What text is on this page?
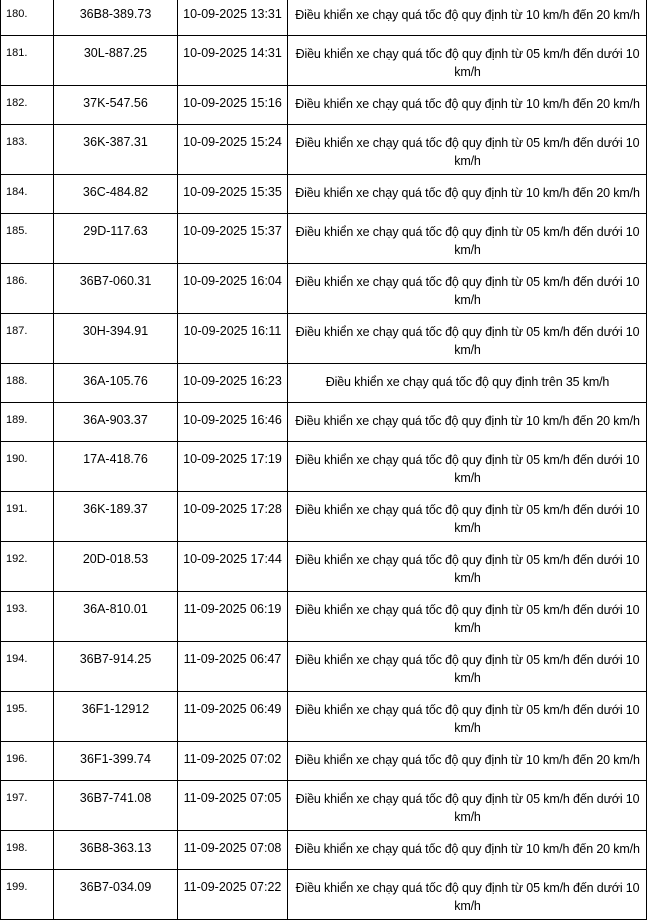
180.	36B8-389.73	10-09-2025 13:31	Điều khiển xe chạy quá tốc độ quy định từ 10 km/h đến 20 km/h
181.	30L-887.25	10-09-2025 14:31	Điều khiển xe chạy quá tốc độ quy định từ 05 km/h đến dưới 10 km/h
182.	37K-547.56	10-09-2025 15:16	Điều khiển xe chạy quá tốc độ quy định từ 10 km/h đến 20 km/h
183.	36K-387.31	10-09-2025 15:24	Điều khiển xe chạy quá tốc độ quy định từ 05 km/h đến dưới 10 km/h
184.	36C-484.82	10-09-2025 15:35	Điều khiển xe chạy quá tốc độ quy định từ 10 km/h đến 20 km/h
185.	29D-117.63	10-09-2025 15:37	Điều khiển xe chạy quá tốc độ quy định từ 05 km/h đến dưới 10 km/h
186.	36B7-060.31	10-09-2025 16:04	Điều khiển xe chạy quá tốc độ quy định từ 05 km/h đến dưới 10 km/h
187.	30H-394.91	10-09-2025 16:11	Điều khiển xe chạy quá tốc độ quy định từ 05 km/h đến dưới 10 km/h
188.	36A-105.76	10-09-2025 16:23	Điều khiển xe chạy quá tốc độ quy định trên 35 km/h
189.	36A-903.37	10-09-2025 16:46	Điều khiển xe chạy quá tốc độ quy định từ 10 km/h đến 20 km/h
190.	17A-418.76	10-09-2025 17:19	Điều khiển xe chạy quá tốc độ quy định từ 05 km/h đến dưới 10 km/h
191.	36K-189.37	10-09-2025 17:28	Điều khiển xe chạy quá tốc độ quy định từ 05 km/h đến dưới 10 km/h
192.	20D-018.53	10-09-2025 17:44	Điều khiển xe chạy quá tốc độ quy định từ 05 km/h đến dưới 10 km/h
193.	36A-810.01	11-09-2025 06:19	Điều khiển xe chạy quá tốc độ quy định từ 05 km/h đến dưới 10 km/h
194.	36B7-914.25	11-09-2025 06:47	Điều khiển xe chạy quá tốc độ quy định từ 05 km/h đến dưới 10 km/h
195.	36F1-12912	11-09-2025 06:49	Điều khiển xe chạy quá tốc độ quy định từ 05 km/h đến dưới 10 km/h
196.	36F1-399.74	11-09-2025 07:02	Điều khiển xe chạy quá tốc độ quy định từ 10 km/h đến 20 km/h
197.	36B7-741.08	11-09-2025 07:05	Điều khiển xe chạy quá tốc độ quy định từ 05 km/h đến dưới 10 km/h
198.	36B8-363.13	11-09-2025 07:08	Điều khiển xe chạy quá tốc độ quy định từ 10 km/h đến 20 km/h
199.	36B7-034.09	11-09-2025 07:22	Điều khiển xe chạy quá tốc độ quy định từ 05 km/h đến dưới 10 km/h
